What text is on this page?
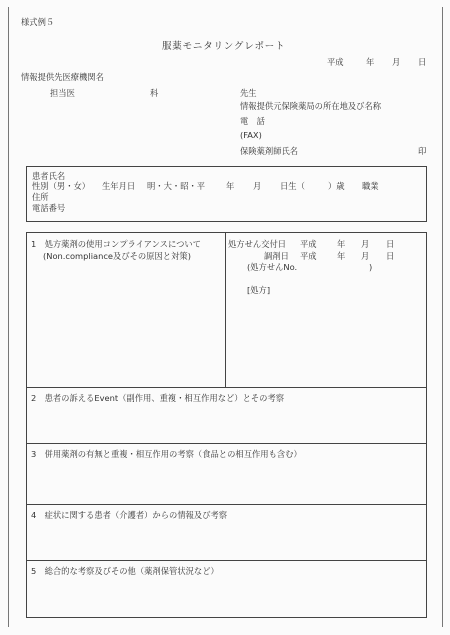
様式例５
服薬モニタリングレポート
平成	年 月 日
情報提供先医療機関名
担当医	科	先生
情報提供元保険薬局の所在地及び名称
電　話
(FAX)
保険薬剤師氏名	印
患者氏名
性別（男・女） 生年月日 明・大・昭・平	年 月 日生（	）歳 職業
住所
電話番号
1　処方薬剤の使用コンプライアンスについて
(Non.compliance及びその原因と対策)
処方せん交付日 平成 年 月 日
調剤日 平成 年 月 日
(処方せんNo.	)
[処方]
2　患者の訴えるEvent（副作用、重複・相互作用など）とその考察
3　併用薬剤の有無と重複・相互作用の考察（食品との相互作用も含む）
4　症状に関する患者（介護者）からの情報及び考察
5　総合的な考察及びその他（薬剤保管状況など）
